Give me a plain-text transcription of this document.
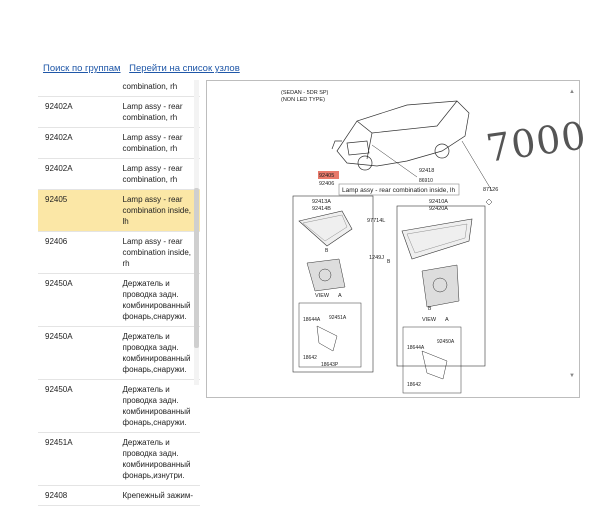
Поиск по группам Перейти на список узлов
combination, rh
92402A	Lamp assy - rear combination, rh
92402A	Lamp assy - rear combination, rh
92402A	Lamp assy - rear combination, rh
92405	Lamp assy - rear combination inside, lh
92406	Lamp assy - rear combination inside, rh
92450A	Держатель и проводка задн. комбинированный фонарь,снаружи.
92450A	Держатель и проводка задн. комбинированный фонарь,снаружи.
92450A	Держатель и проводка задн. комбинированный фонарь,снаружи.
92451A	Держатель и проводка задн. комбинированный фонарь,изнутри.
92408	Крепежный зажим-
(SEDAN - 5DR SP)
(NON LED TYPE)
92405
92406
Lamp assy - rear combination inside, lh
92418
86910
87126
92413A
92414B
97714L
1249J
B
VIEW A
18644A 92451A
18642
18643P
92410A
92420A
VIEW A
18644A
92450A
18642
B
B
▲
▼
7000
